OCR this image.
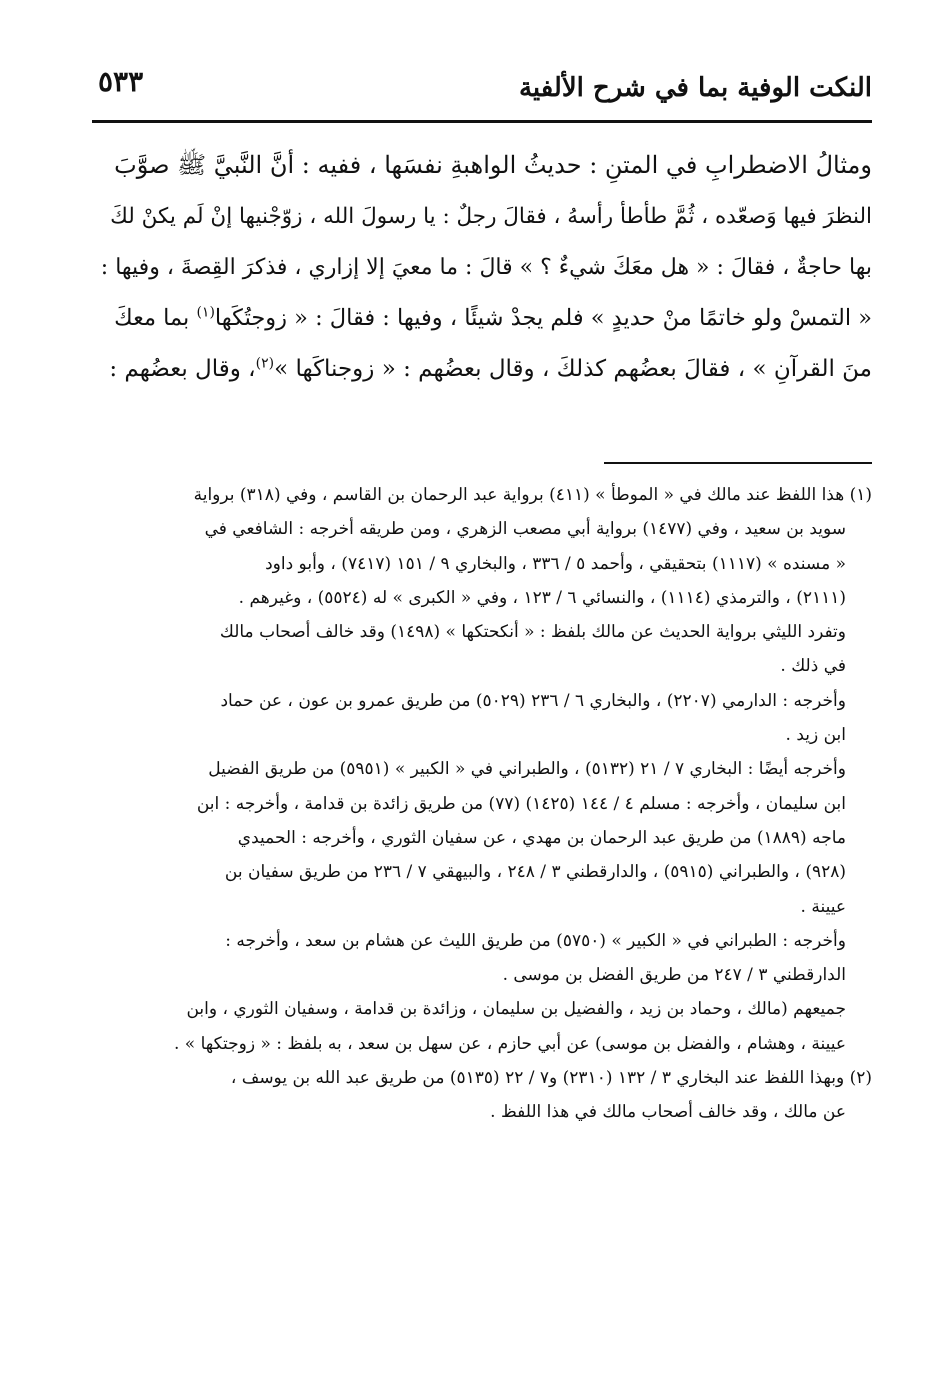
النكت الوفية بما في شرح الألفية
٥٣٣
ومثالُ الاضطرابِ في المتنِ : حديثُ الواهبةِ نفسَها ، ففيه : أنَّ النَّبيَّ ﷺ صوَّبَ
النظرَ فيها وَصعّده ، ثُمَّ طأطأ رأسهُ ، فقالَ رجلٌ : يا رسولَ الله ، زوّجْنيها إنْ لَم يكنْ لكَ
بها حاجةٌ ، فقالَ : « هل معَكَ شيءٌ ؟ » قالَ : ما معيَ إلا إزاري ، فذكرَ القِصةَ ، وفيها :
« التمسْ ولو خاتمًا منْ حديدٍ » فلم يجدْ شيئًا ، وفيها : فقالَ : « زوجتُكَها$^{(١)}$ بما معكَ
منَ القرآنِ » ، فقالَ بعضُهم كذلكَ ، وقال بعضُهم : « زوجناكَها »$^{(٢)}$، وقال بعضُهم :
(١) هذا اللفظ عند مالك في « الموطأ » (٤١١) برواية عبد الرحمان بن القاسم ، وفي (٣١٨) برواية
سويد بن سعيد ، وفي (١٤٧٧) برواية أبي مصعب الزهري ، ومن طريقه أخرجه : الشافعي في
« مسنده » (١١١٧) بتحقيقي ، وأحمد ٥ / ٣٣٦ ، والبخاري ٩ / ١٥١ (٧٤١٧) ، وأبو داود
(٢١١١) ، والترمذي (١١١٤) ، والنسائي ٦ / ١٢٣ ، وفي « الكبرى » له (٥٥٢٤) ، وغيرهم .
وتفرد الليثي برواية الحديث عن مالك بلفظ : « أنكحتكها » (١٤٩٨) وقد خالف أصحاب مالك
في ذلك .
وأخرجه : الدارمي (٢٢٠٧) ، والبخاري ٦ / ٢٣٦ (٥٠٢٩) من طريق عمرو بن عون ، عن حماد
ابن زيد .
وأخرجه أيضًا : البخاري ٧ / ٢١ (٥١٣٢) ، والطبراني في « الكبير » (٥٩٥١) من طريق الفضيل
ابن سليمان ، وأخرجه : مسلم ٤ / ١٤٤ (١٤٢٥) (٧٧) من طريق زائدة بن قدامة ، وأخرجه : ابن
ماجه (١٨٨٩) من طريق عبد الرحمان بن مهدي ، عن سفيان الثوري ، وأخرجه : الحميدي
(٩٢٨) ، والطبراني (٥٩١٥) ، والدارقطني ٣ / ٢٤٨ ، والبيهقي ٧ / ٢٣٦ من طريق سفيان بن
عيينة .
وأخرجه : الطبراني في « الكبير » (٥٧٥٠) من طريق الليث عن هشام بن سعد ، وأخرجه :
الدارقطني ٣ / ٢٤٧ من طريق الفضل بن موسى .
جميعهم (مالك ، وحماد بن زيد ، والفضيل بن سليمان ، وزائدة بن قدامة ، وسفيان الثوري ، وابن
عيينة ، وهشام ، والفضل بن موسى) عن أبي حازم ، عن سهل بن سعد ، به بلفظ : « زوجتكها » .
(٢) وبهذا اللفظ عند البخاري ٣ / ١٣٢ (٢٣١٠) و٧ / ٢٢ (٥١٣٥) من طريق عبد الله بن يوسف ،
عن مالك ، وقد خالف أصحاب مالك في هذا اللفظ .
